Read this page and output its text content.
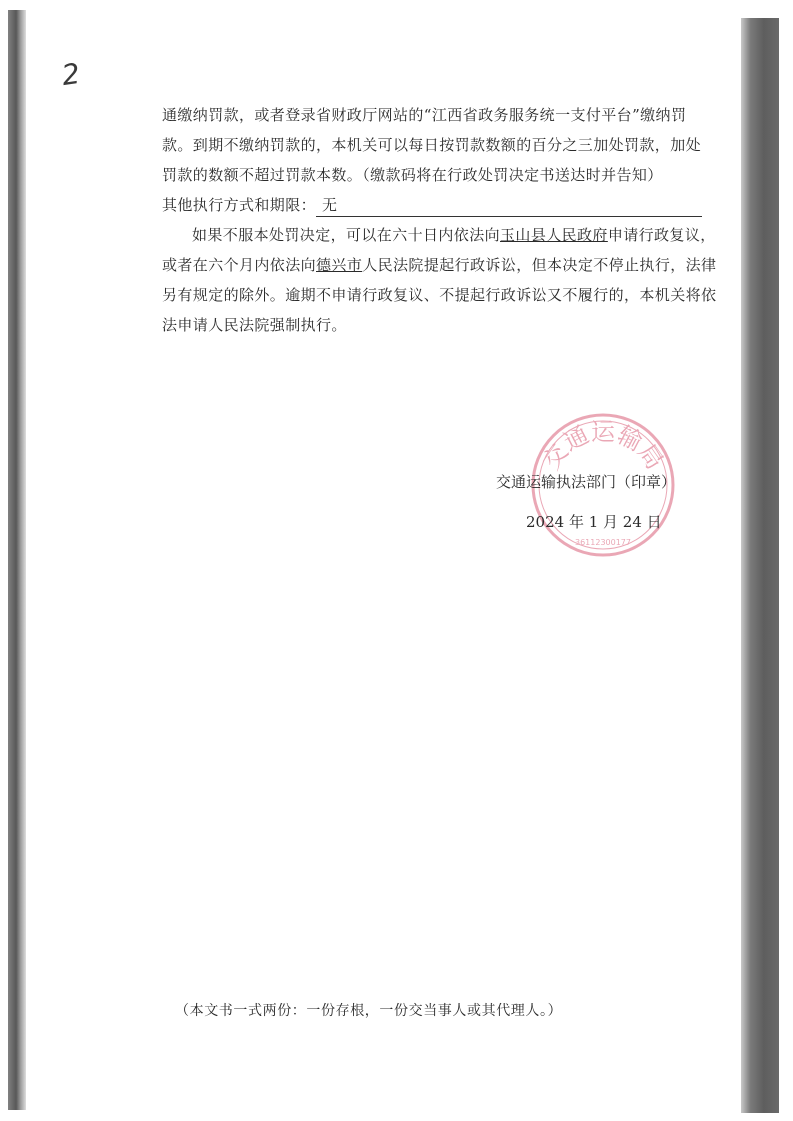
2

通缴纳罚款，或者登录省财政厅网站的“江西省政务服务统一支付平台”缴纳罚

款。到期不缴纳罚款的，本机关可以每日按罚款数额的百分之三加处罚款，加处

罚款的数额不超过罚款本数。（缴款码将在行政处罚决定书送达时并告知）

其他执行方式和期限： 无

如果不服本处罚决定，可以在六十日内依法向玉山县人民政府申请行政复议，或者在六个月内依法向德兴市人民法院提起行政诉讼，但本决定不停止执行，法律另有规定的除外。逾期不申请行政复议、不提起行政诉讼又不履行的，本机关将依法申请人民法院强制执行。

交通运输局
36112300177
交通运输执法部门（印章）
2024 年 1 月 24 日
（本文书一式两份：一份存根，一份交当事人或其代理人。）
